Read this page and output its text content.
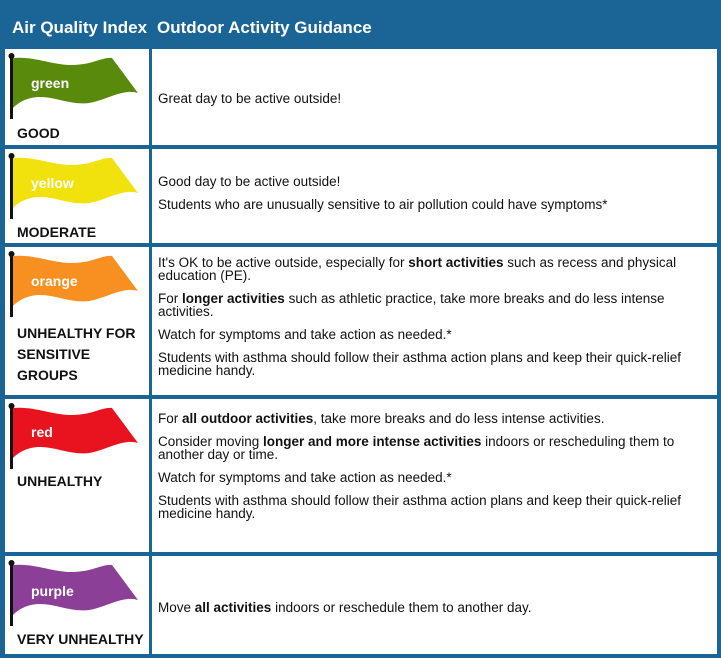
Air Quality Index Outdoor Activity Guidance
green
GOOD

Great day to be active outside!

yellow
MODERATE

Good day to be active outside!

Students who are unusually sensitive to air pollution could have symptoms*

orange
UNHEALTHY FOR
SENSITIVE GROUPS

It's OK to be active outside, especially for short activities such as recess and physical education (PE).

For longer activities such as athletic practice, take more breaks and do less intense activities.

Watch for symptoms and take action as needed.*

Students with asthma should follow their asthma action plans and keep their quick-relief medicine handy.

red
UNHEALTHY

For all outdoor activities, take more breaks and do less intense activities.

Consider moving longer and more intense activities indoors or rescheduling them to another day or time.

Watch for symptoms and take action as needed.*

Students with asthma should follow their asthma action plans and keep their quick-relief medicine handy.

purple
VERY UNHEALTHY

Move all activities indoors or reschedule them to another day.
